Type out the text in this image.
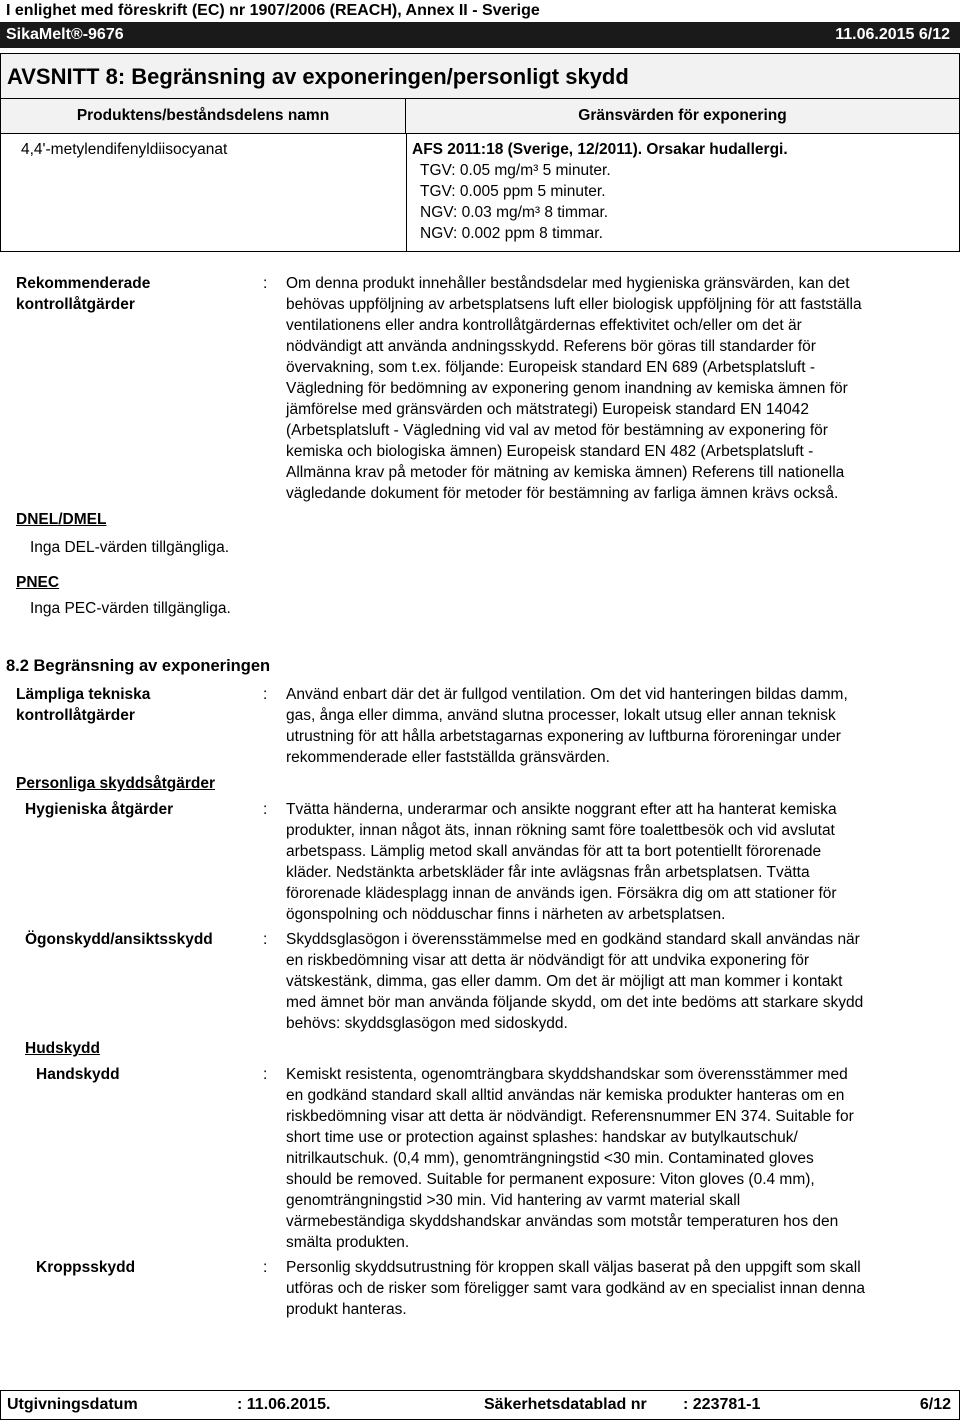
I enlighet med föreskrift (EC) nr 1907/2006 (REACH), Annex II - Sverige
SikaMelt®-9676	11.06.2015 6/12
AVSNITT 8: Begränsning av exponeringen/personligt skydd
Produktens/beståndsdelens namn	Gränsvärden för exponering
4,4'-metylendifenyldiisocyanat	AFS 2011:18 (Sverige, 12/2011). Orsakar hudallergi.
TGV: 0.05 mg/m³ 5 minuter.
TGV: 0.005 ppm 5 minuter.
NGV: 0.03 mg/m³ 8 timmar.
NGV: 0.002 ppm 8 timmar.
Rekommenderade
kontrollåtgärder
: Om denna produkt innehåller beståndsdelar med hygieniska gränsvärden, kan det
behövas uppföljning av arbetsplatsens luft eller biologisk uppföljning för att fastställa
ventilationens eller andra kontrollåtgärdernas effektivitet och/eller om det är
nödvändigt att använda andningsskydd. Referens bör göras till standarder för
övervakning, som t.ex. följande: Europeisk standard EN 689 (Arbetsplatsluft -
Vägledning för bedömning av exponering genom inandning av kemiska ämnen för
jämförelse med gränsvärden och mätstrategi) Europeisk standard EN 14042
(Arbetsplatsluft - Vägledning vid val av metod för bestämning av exponering för
kemiska och biologiska ämnen) Europeisk standard EN 482 (Arbetsplatsluft -
Allmänna krav på metoder för mätning av kemiska ämnen) Referens till nationella
vägledande dokument för metoder för bestämning av farliga ämnen krävs också.
DNEL/DMEL
Inga DEL-värden tillgängliga.
PNEC
Inga PEC-värden tillgängliga.
8.2 Begränsning av exponeringen
Lämpliga tekniska
kontrollåtgärder
: Använd enbart där det är fullgod ventilation. Om det vid hanteringen bildas damm,
gas, ånga eller dimma, använd slutna processer, lokalt utsug eller annan teknisk
utrustning för att hålla arbetstagarnas exponering av luftburna föroreningar under
rekommenderade eller fastställda gränsvärden.
Personliga skyddsåtgärder
Hygieniska åtgärder	: Tvätta händerna, underarmar och ansikte noggrant efter att ha hanterat kemiska
produkter, innan något äts, innan rökning samt före toalettbesök och vid avslutat
arbetspass. Lämplig metod skall användas för att ta bort potentiellt förorenade
kläder. Nedstänkta arbetskläder får inte avlägsnas från arbetsplatsen. Tvätta
förorenade klädesplagg innan de används igen. Försäkra dig om att stationer för
ögonspolning och nödduschar finns i närheten av arbetsplatsen.
Ögonskydd/ansiktsskydd	: Skyddsglasögon i överensstämmelse med en godkänd standard skall användas när
en riskbedömning visar att detta är nödvändigt för att undvika exponering för
vätskestänk, dimma, gas eller damm. Om det är möjligt att man kommer i kontakt
med ämnet bör man använda följande skydd, om det inte bedöms att starkare skydd
behövs: skyddsglasögon med sidoskydd.
Hudskydd
Handskydd	: Kemiskt resistenta, ogenomträngbara skyddshandskar som överensstämmer med
en godkänd standard skall alltid användas när kemiska produkter hanteras om en
riskbedömning visar att detta är nödvändigt. Referensnummer EN 374. Suitable for
short time use or protection against splashes: handskar av butylkautschuk/
nitrilkautschuk. (0,4 mm), genomträngningstid <30 min. Contaminated gloves
should be removed. Suitable for permanent exposure: Viton gloves (0.4 mm),
genomträngningstid >30 min. Vid hantering av varmt material skall
värmebeständiga skyddshandskar användas som motstår temperaturen hos den
smälta produkten.
Kroppsskydd	: Personlig skyddsutrustning för kroppen skall väljas baserat på den uppgift som skall
utföras och de risker som föreligger samt vara godkänd av en specialist innan denna
produkt hanteras.
Utgivningsdatum	: 11.06.2015.	Säkerhetsdatablad nr : 223781-1	6/12
